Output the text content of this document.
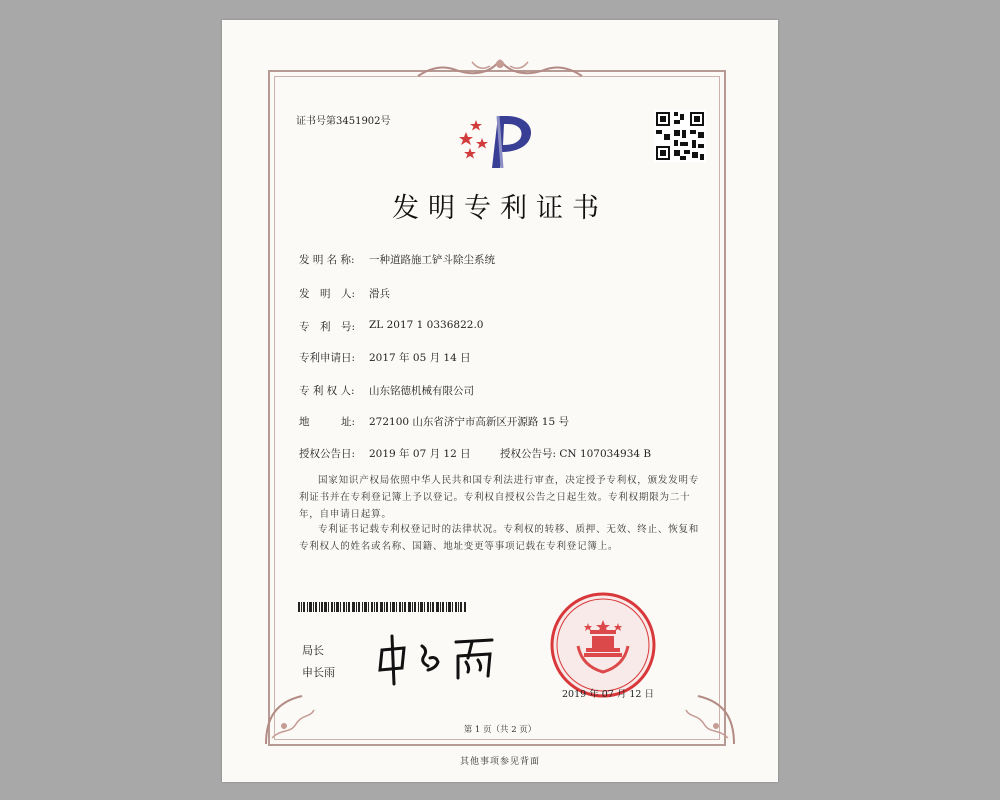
证书号第3451902号
发明专利证书
发 明 名 称:	一种道路施工铲斗除尘系统
发　明　人:	滑兵
专　利　号:	ZL 2017 1 0336822.0
专利申请日:	2017 年 05 月 14 日
专 利 权 人:	山东铭德机械有限公司
地　　　址:	272100 山东省济宁市高新区开源路 15 号
授权公告日:	2019 年 07 月 12 日	授权公告号: CN 107034934 B
国家知识产权局依照中华人民共和国专利法进行审查，决定授予专利权，颁发发明专利证书并在专利登记簿上予以登记。专利权自授权公告之日起生效。专利权期限为二十年，自申请日起算。
专利证书记载专利权登记时的法律状况。专利权的转移、质押、无效、终止、恢复和专利权人的姓名或名称、国籍、地址变更等事项记载在专利登记簿上。
局长
申长雨
2019 年 07 月 12 日
第 1 页（共 2 页）
其他事项参见背面
